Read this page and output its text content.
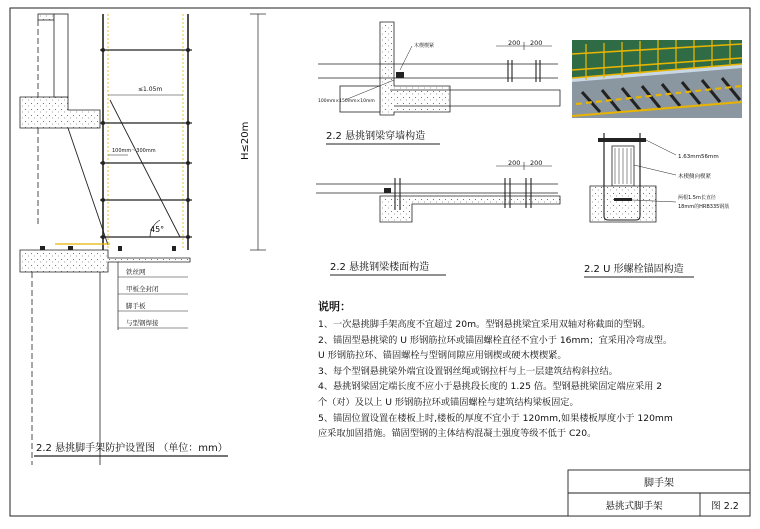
45°
≤1.05m
100mm～300mm	H≤20m
铁丝网
甲板全封闭
脚手板
与型钢焊接
2.2 悬挑脚手架防护设置图 （单位：mm）
200 200
木楔楔紧
100mm×150mm×10mm
2.2 悬挑钢梁穿墙构造
200 200
2.2 悬挑钢梁楼面构造
1.63mm56mm
木楔侧向楔紧
两根1.5m长直径
18mm的HRB335钢筋
2.2 U 形螺栓锚固构造
脚手架
悬挑式脚手架	图 2.2
说明：
1、一次悬挑脚手架高度不宜超过 20m。型钢悬挑梁宜采用双轴对称截面的型钢。
2、锚固型悬挑梁的 U 形钢筋拉环或锚固螺栓直径不宜小于 16mm；宜采用冷弯成型。
U 形钢筋拉环、锚固螺栓与型钢间隙应用钢楔或硬木楔楔紧。
3、每个型钢悬挑梁外端宜设置钢丝绳或钢拉杆与上一层建筑结构斜拉结。
4、悬挑钢梁固定端长度不应小于悬挑段长度的 1.25 倍。型钢悬挑梁固定端应采用 2
个（对）及以上 U 形钢筋拉环或锚固螺栓与建筑结构梁板固定。
5、锚固位置设置在楼板上时,楼板的厚度不宜小于 120mm,如果楼板厚度小于 120mm
应采取加固措施。锚固型钢的主体结构混凝土强度等级不低于 C20。
